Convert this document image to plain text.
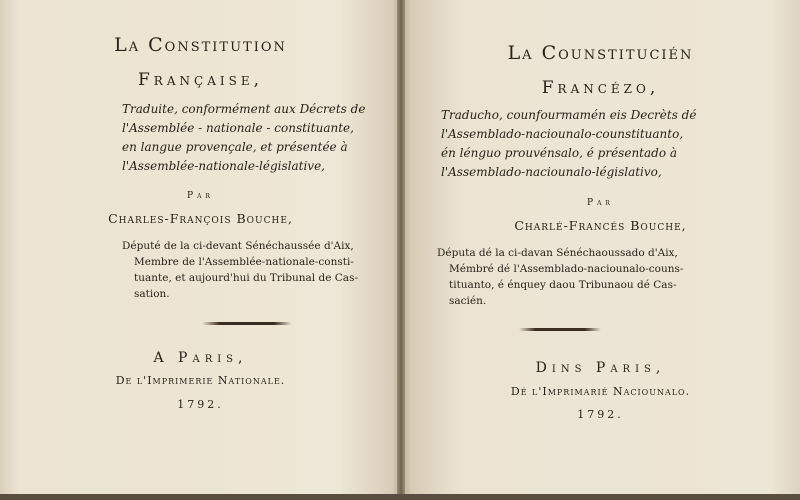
La Constitution
Française,
Traduite, conformément aux Décrets de
l'Assemblée - nationale - constituante,
en langue provençale, et présentée à
l'Assemblée-nationale-législative,
Par
Charles-François Bouche,
Député de la ci-devant Sénéchaussée d'Aix,
Membre de l'Assemblée-nationale-consti-
tuante, et aujourd'hui du Tribunal de Cas-
sation.
A Paris,
De l'Imprimerie Nationale.
1792.
La Counstitucién
Francézo,
Traducho, counfourmamén eis Decrèts dé
l'Assemblado-naciounalo-counstituanto,
én lénguo prouvénsalo, é présentado à
l'Assemblado-naciounalo-législativo,
Par
Charlé-Francés Bouche,
Députa dé la ci-davan Sénéchaoussado d'Aix,
Mémbré dé l'Assemblado-naciounalo-couns-
tituanto, é énquey daou Tribunaou dé Cas-
sacién.
Dins Paris,
Dé l'Imprimarié Naciounalo.
1792.
